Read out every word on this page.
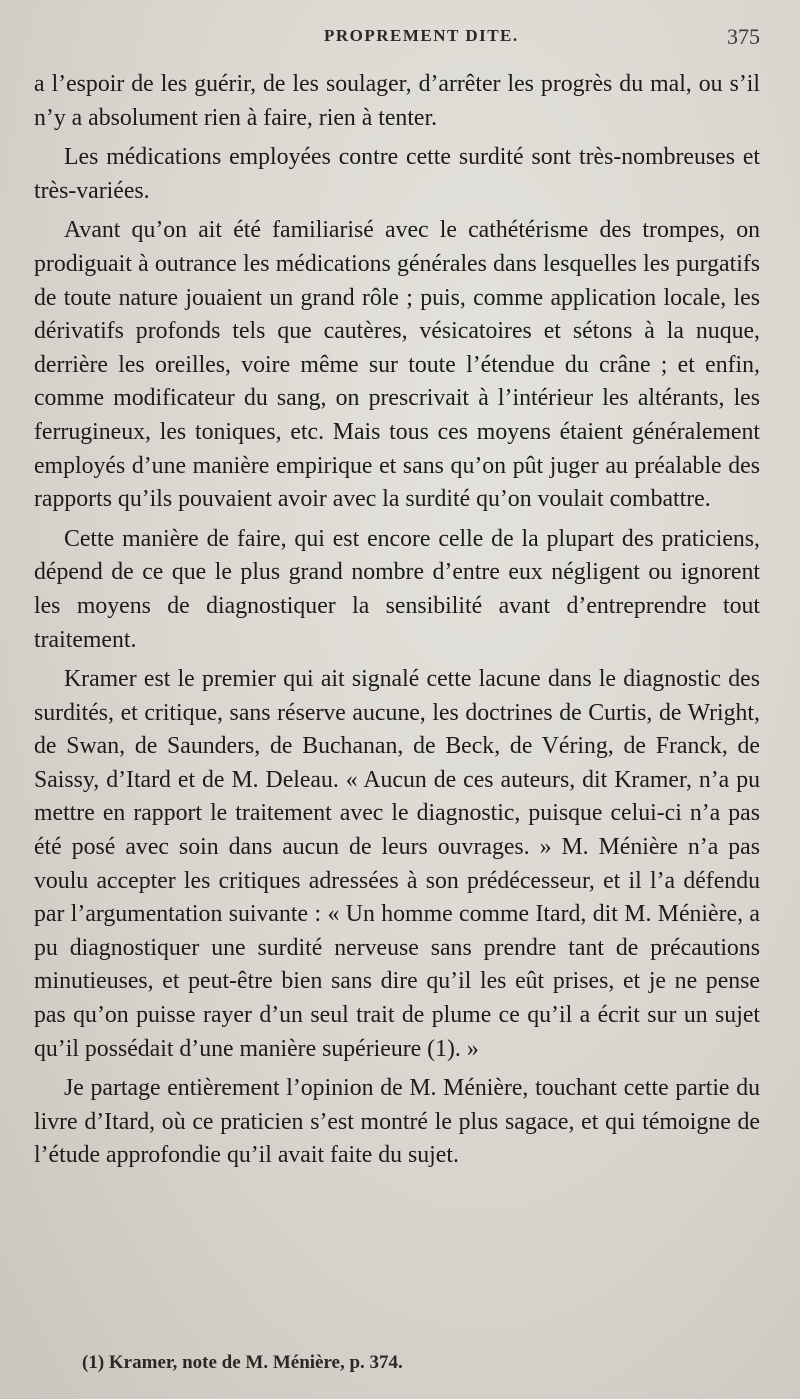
PROPREMENT DITE.	375

a l’espoir de les guérir, de les soulager, d’arrêter les progrès du mal, ou s’il n’y a absolument rien à faire, rien à tenter.

Les médications employées contre cette surdité sont très-nombreuses et très-variées.

Avant qu’on ait été familiarisé avec le cathétérisme des trompes, on prodiguait à outrance les médications générales dans lesquelles les purgatifs de toute nature jouaient un grand rôle ; puis, comme application locale, les dérivatifs profonds tels que cautères, vésicatoires et sétons à la nuque, derrière les oreilles, voire même sur toute l’étendue du crâne ; et enfin, comme modificateur du sang, on prescrivait à l’intérieur les altérants, les ferrugineux, les toniques, etc. Mais tous ces moyens étaient généralement employés d’une manière empirique et sans qu’on pût juger au préalable des rapports qu’ils pouvaient avoir avec la surdité qu’on voulait combattre.

Cette manière de faire, qui est encore celle de la plupart des praticiens, dépend de ce que le plus grand nombre d’entre eux négligent ou ignorent les moyens de diagnostiquer la sensibilité avant d’entreprendre tout traitement.

Kramer est le premier qui ait signalé cette lacune dans le diagnostic des surdités, et critique, sans réserve aucune, les doctrines de Curtis, de Wright, de Swan, de Saunders, de Buchanan, de Beck, de Véring, de Franck, de Saissy, d’Itard et de M. Deleau. « Aucun de ces auteurs, dit Kramer, n’a pu mettre en rapport le traitement avec le diagnostic, puisque celui-ci n’a pas été posé avec soin dans aucun de leurs ouvrages. » M. Ménière n’a pas voulu accepter les critiques adressées à son prédécesseur, et il l’a défendu par l’argumentation suivante : « Un homme comme Itard, dit M. Ménière, a pu diagnostiquer une surdité nerveuse sans prendre tant de précautions minutieuses, et peut-être bien sans dire qu’il les eût prises, et je ne pense pas qu’on puisse rayer d’un seul trait de plume ce qu’il a écrit sur un sujet qu’il possédait d’une manière supérieure (1). »

Je partage entièrement l’opinion de M. Ménière, touchant cette partie du livre d’Itard, où ce praticien s’est montré le plus sagace, et qui témoigne de l’étude approfondie qu’il avait faite du sujet.

(1) Kramer, note de M. Ménière, p. 374.
